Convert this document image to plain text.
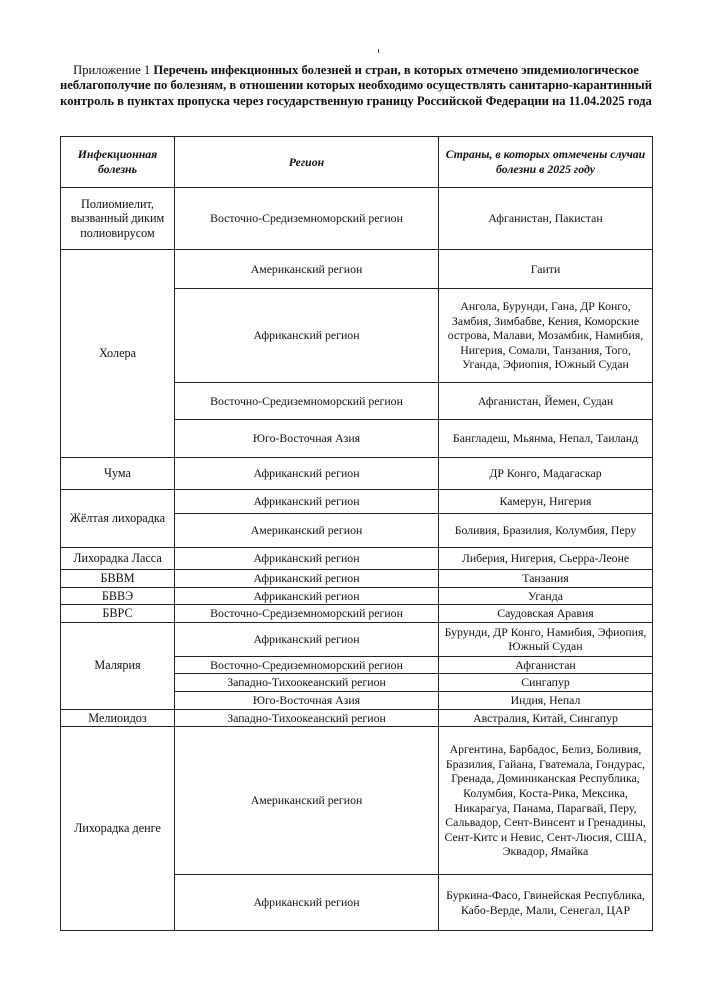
Приложение 1 Перечень инфекционных болезней и стран, в которых отмечено эпидемиологическое неблагополучие по болезням, в отношении которых необходимо осуществлять санитарно-карантинный контроль в пунктах пропуска через государственную границу Российской Федерации на 11.04.2025 года
Инфекционная болезнь	Регион	Страны, в которых отмечены случаи болезни в 2025 году
Полиомиелит, вызванный диким полиовирусом	Восточно-Средиземноморский регион	Афганистан, Пакистан
Холера	Американский регион	Гаити
	Африканский регион	Ангола, Бурунди, Гана, ДР Конго, Замбия, Зимбабве, Кения, Коморские острова, Малави, Мозамбик, Намибия, Нигерия, Сомали, Танзания, Того, Уганда, Эфиопия, Южный Судан
	Восточно-Средиземноморский регион	Афганистан, Йемен, Судан
	Юго-Восточная Азия	Бангладеш, Мьянма, Непал, Таиланд
Чума	Африканский регион	ДР Конго, Мадагаскар
Жёлтая лихорадка	Африканский регион	Камерун, Нигерия
	Американский регион	Боливия, Бразилия, Колумбия, Перу
Лихорадка Ласса	Африканский регион	Либерия, Нигерия, Сьерра-Леоне
БВВМ	Африканский регион	Танзания
БВВЭ	Африканский регион	Уганда
БВРС	Восточно-Средиземноморский регион	Саудовская Аравия
Малярия	Африканский регион	Бурунди, ДР Конго, Намибия, Эфиопия, Южный Судан
	Восточно-Средиземноморский регион	Афганистан
	Западно-Тихоокеанский регион	Сингапур
	Юго-Восточная Азия	Индия, Непал
Мелиоидоз	Западно-Тихоокеанский регион	Австралия, Китай, Сингапур
Лихорадка денге	Американский регион	Аргентина, Барбадос, Белиз, Боливия, Бразилия, Гайана, Гватемала, Гондурас, Гренада, Доминиканская Республика, Колумбия, Коста-Рика, Мексика, Никарагуа, Панама, Парагвай, Перу, Сальвадор, Сент-Винсент и Гренадины, Сент-Китс и Невис, Сент-Люсия, США, Эквадор, Ямайка
	Африканский регион	Буркина-Фасо, Гвинейская Республика, Кабо-Верде, Мали, Сенегал, ЦАР
